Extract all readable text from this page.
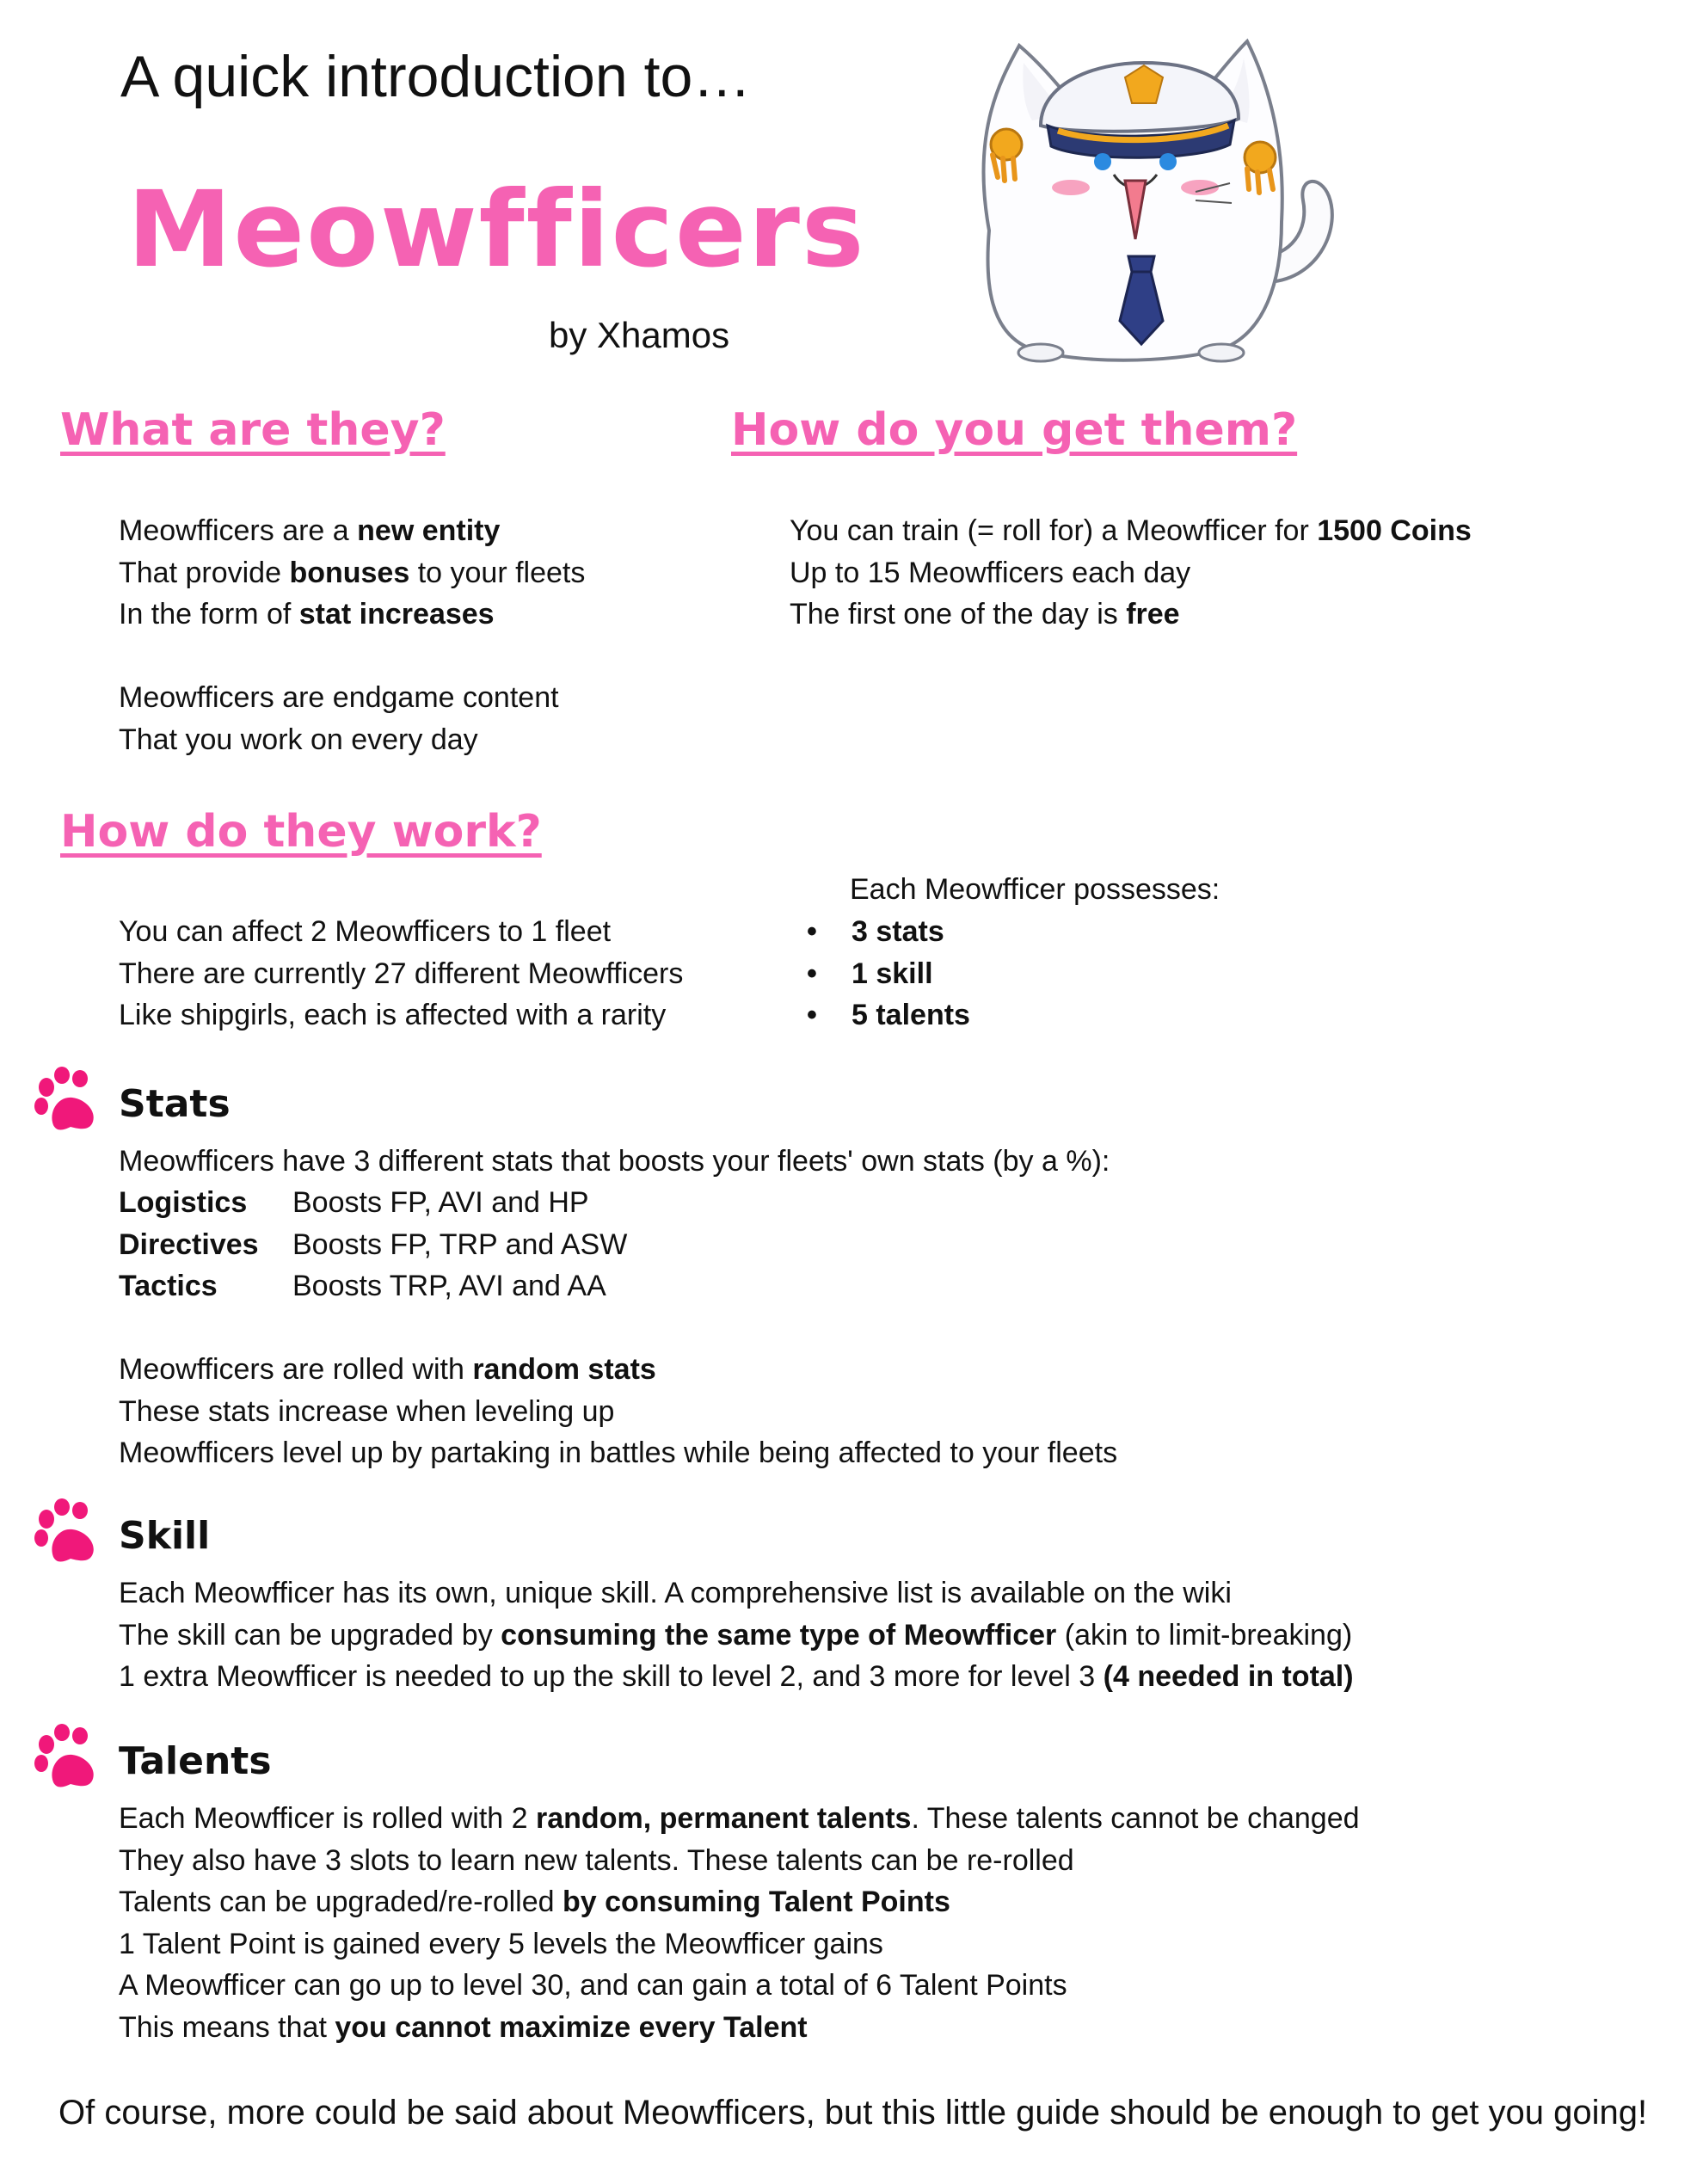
A quick introduction to…
Meowfficers
by Xhamos
What are they?
Meowfficers are a new entity
That provide bonuses to your fleets
In the form of stat increases

Meowfficers are endgame content
That you work on every day
How do you get them?
You can train (= roll for) a Meowfficer for 1500 Coins
Up to 15 Meowfficers each day
The first one of the day is free
How do they work?
You can affect 2 Meowfficers to 1 fleet
There are currently 27 different Meowfficers
Like shipgirls, each is affected with a rarity
Each Meowfficer possesses:
• 3 stats
• 1 skill
• 5 talents
Stats
Meowfficers have 3 different stats that boosts your fleets' own stats (by a %):
Logistics	Boosts FP, AVI and HP
Directives	Boosts FP, TRP and ASW
Tactics	Boosts TRP, AVI and AA
Meowfficers are rolled with random stats
These stats increase when leveling up
Meowfficers level up by partaking in battles while being affected to your fleets
Skill
Each Meowfficer has its own, unique skill. A comprehensive list is available on the wiki
The skill can be upgraded by consuming the same type of Meowfficer (akin to limit-breaking)
1 extra Meowfficer is needed to up the skill to level 2, and 3 more for level 3 (4 needed in total)
Talents
Each Meowfficer is rolled with 2 random, permanent talents. These talents cannot be changed
They also have 3 slots to learn new talents. These talents can be re-rolled
Talents can be upgraded/re-rolled by consuming Talent Points
1 Talent Point is gained every 5 levels the Meowfficer gains
A Meowfficer can go up to level 30, and can gain a total of 6 Talent Points
This means that you cannot maximize every Talent
Of course, more could be said about Meowfficers, but this little guide should be enough to get you going!
